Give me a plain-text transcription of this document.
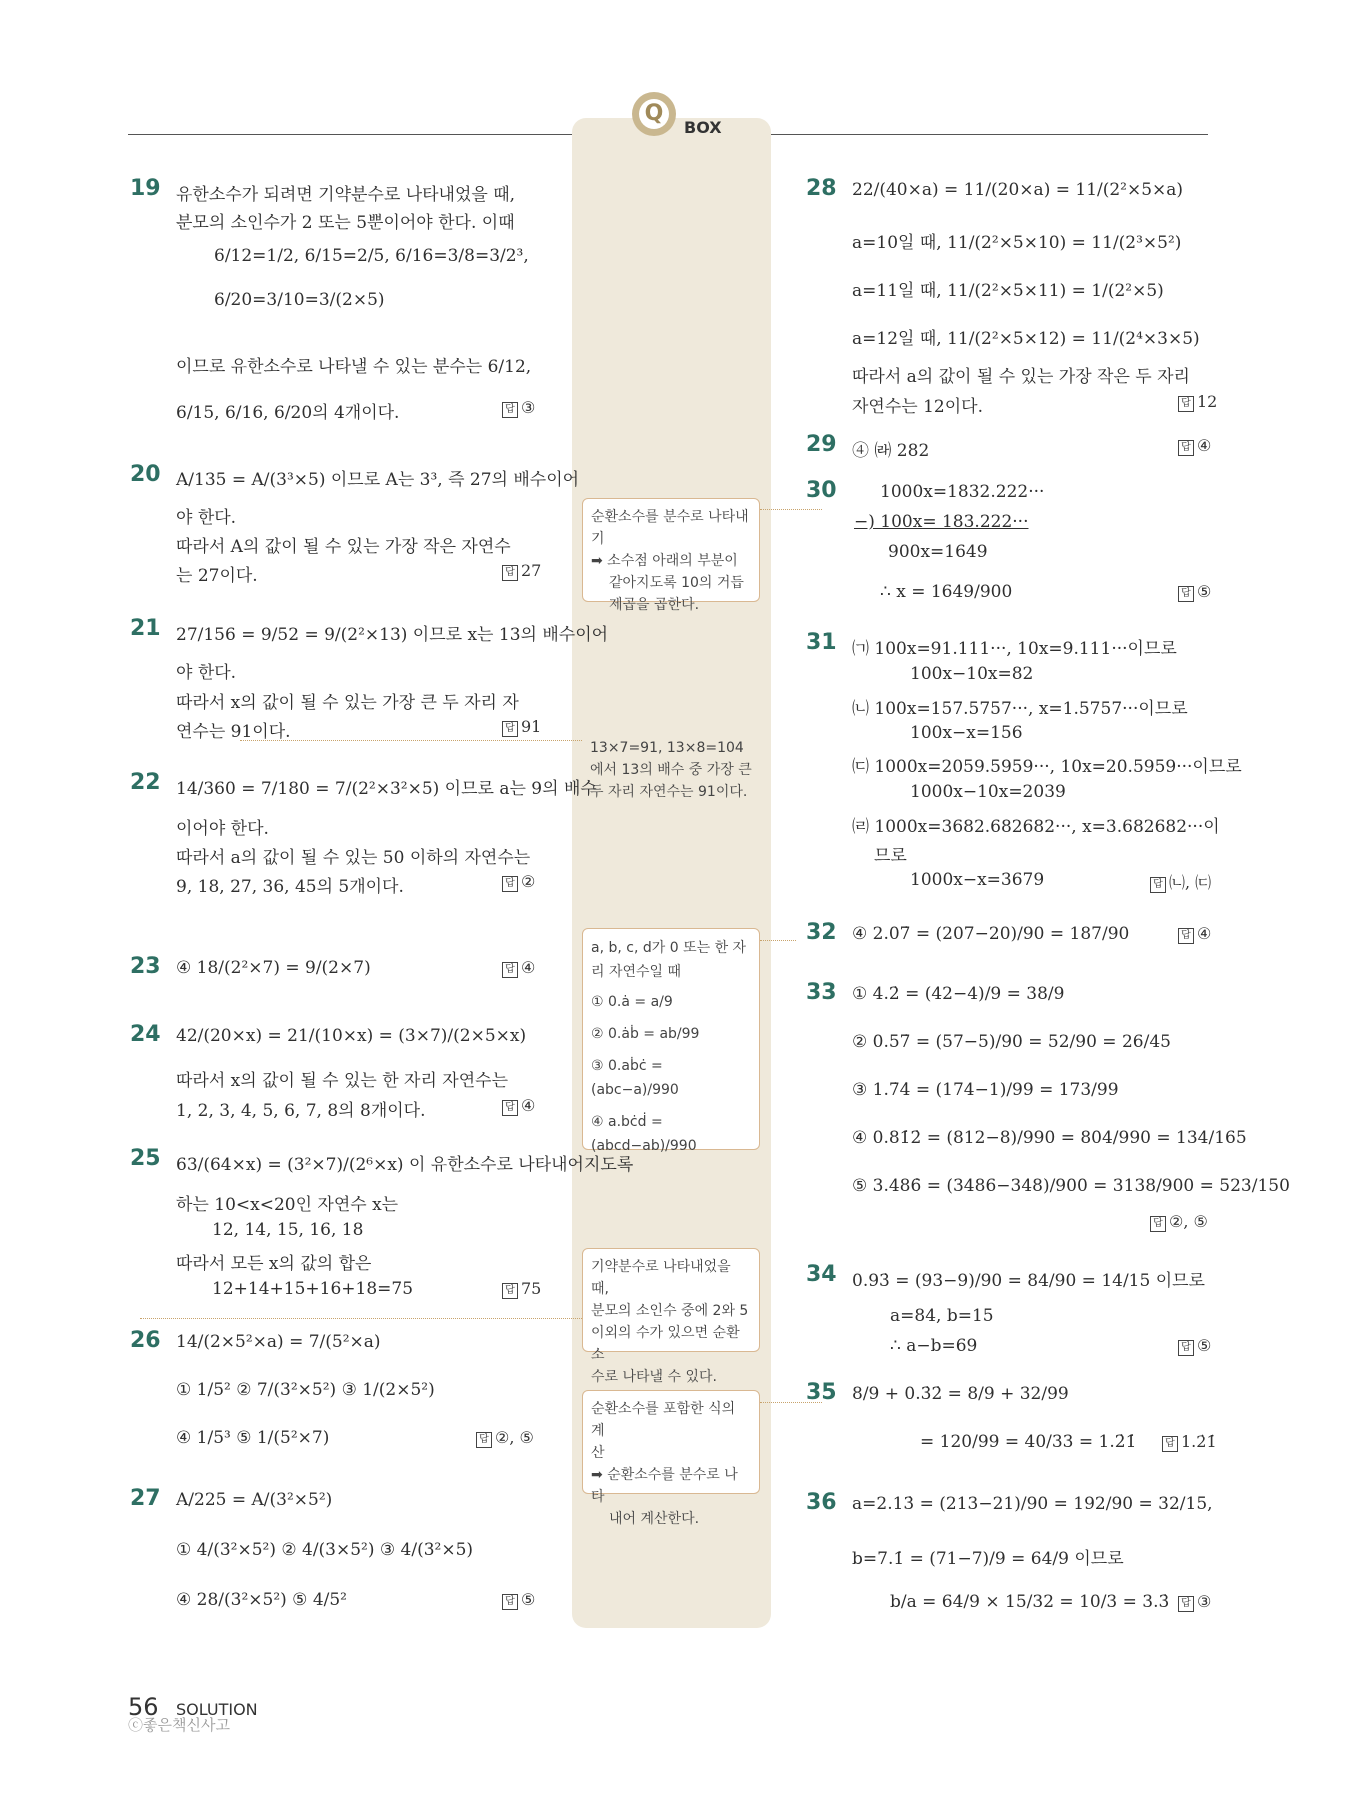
Q
BOX
19 유한소수가 되려면 기약분수로 나타내었을 때,
분모의 소인수가 2 또는 5뿐이어야 한다. 이때
6/12=1/2, 6/15=2/5, 6/16=3/8=3/2³,
6/20=3/10=3/(2×5)
이므로 유한소수로 나타낼 수 있는 분수는 6/12,
6/15, 6/16, 6/20의 4개이다.	답 ③
20 A/135 = A/(3³×5) 이므로 A는 3³, 즉 27의 배수이어
야 한다.
따라서 A의 값이 될 수 있는 가장 작은 자연수
는 27이다.	답 27
21 27/156 = 9/52 = 9/(2²×13) 이므로 x는 13의 배수이어
야 한다.
따라서 x의 값이 될 수 있는 가장 큰 두 자리 자
연수는 91이다.	답 91
22 14/360 = 7/180 = 7/(2²×3²×5) 이므로 a는 9의 배수
이어야 한다.
따라서 a의 값이 될 수 있는 50 이하의 자연수는
9, 18, 27, 36, 45의 5개이다.	답 ②
23 ④ 18/(2²×7) = 9/(2×7)	답 ④
24 42/(20×x) = 21/(10×x) = (3×7)/(2×5×x)
따라서 x의 값이 될 수 있는 한 자리 자연수는
1, 2, 3, 4, 5, 6, 7, 8의 8개이다.	답 ④
25 63/(64×x) = (3²×7)/(2⁶×x) 이 유한소수로 나타내어지도록
하는 10<x<20인 자연수 x는
12, 14, 15, 16, 18
따라서 모든 x의 값의 합은
12+14+15+16+18=75	답 75
26 14/(2×5²×a) = 7/(5²×a)
① 1/5² ② 7/(3²×5²) ③ 1/(2×5²)
④ 1/5³ ⑤ 1/(5²×7)	답 ②, ⑤
27 A/225 = A/(3²×5²)
① 4/(3²×5²) ② 4/(3×5²) ③ 4/(3²×5)
④ 28/(3²×5²) ⑤ 4/5²	답 ⑤
28 22/(40×a) = 11/(20×a) = 11/(2²×5×a)
a=10일 때, 11/(2²×5×10) = 11/(2³×5²)
a=11일 때, 11/(2²×5×11) = 1/(2²×5)
a=12일 때, 11/(2²×5×12) = 11/(2⁴×3×5)
따라서 a의 값이 될 수 있는 가장 작은 두 자리
자연수는 12이다.	답 12
29 ④ ㈑ 282	답 ④
30	1000x=1832.222···
−) 100x= 183.222···
900x=1649
∴ x = 1649/900	답 ⑤
31 ㈀ 100x=91.111···, 10x=9.111···이므로
100x−10x=82
㈁ 100x=157.5757···, x=1.5757···이므로
100x−x=156
㈂ 1000x=2059.5959···, 10x=20.5959···이므로
1000x−10x=2039
㈃ 1000x=3682.682682···, x=3.682682···이
므로
1000x−x=3679	답 ㈁, ㈂
32 ④ 2.07̇ = (207−20)/90 = 187/90	답 ④
33 ① 4.2̇ = (42−4)/9 = 38/9
② 0.57̇ = (57−5)/90 = 52/90 = 26/45
③ 1.7̇4̇ = (174−1)/99 = 173/99
④ 0.81̇2̇ = (812−8)/990 = 804/990 = 134/165
⑤ 3.486̇ = (3486−348)/900 = 3138/900 = 523/150
답 ②, ⑤
34 0.93̇ = (93−9)/90 = 84/90 = 14/15 이므로
a=84, b=15
∴ a−b=69	답 ⑤
35 8/9 + 0.3̇2̇ = 8/9 + 32/99
= 120/99 = 40/33 = 1.2̇1̇	답 1.2̇1̇
36 a=2.13̇ = (213−21)/90 = 192/90 = 32/15,
b=7.1̇ = (71−7)/9 = 64/9 이므로
b/a = 64/9 × 15/32 = 10/3 = 3.3̇	답 ③
순환소수를 분수로 나타내기
➡ 소수점 아래의 부분이
같아지도록 10의 거듭
제곱을 곱한다.
13×7=91, 13×8=104
에서 13의 배수 중 가장 큰
두 자리 자연수는 91이다.
a, b, c, d가 0 또는 한 자
리 자연수일 때
① 0.ȧ = a/9
② 0.ȧḃ = ab/99
③ 0.aḃċ = (abc−a)/990
④ a.bċḋ = (abcd−ab)/990
기약분수로 나타내었을 때,
분모의 소인수 중에 2와 5
이외의 수가 있으면 순환소
수로 나타낼 수 있다.
순환소수를 포함한 식의 계
산
➡ 순환소수를 분수로 나타
내어 계산한다.
56 SOLUTION
ⓒ좋은책신사고
